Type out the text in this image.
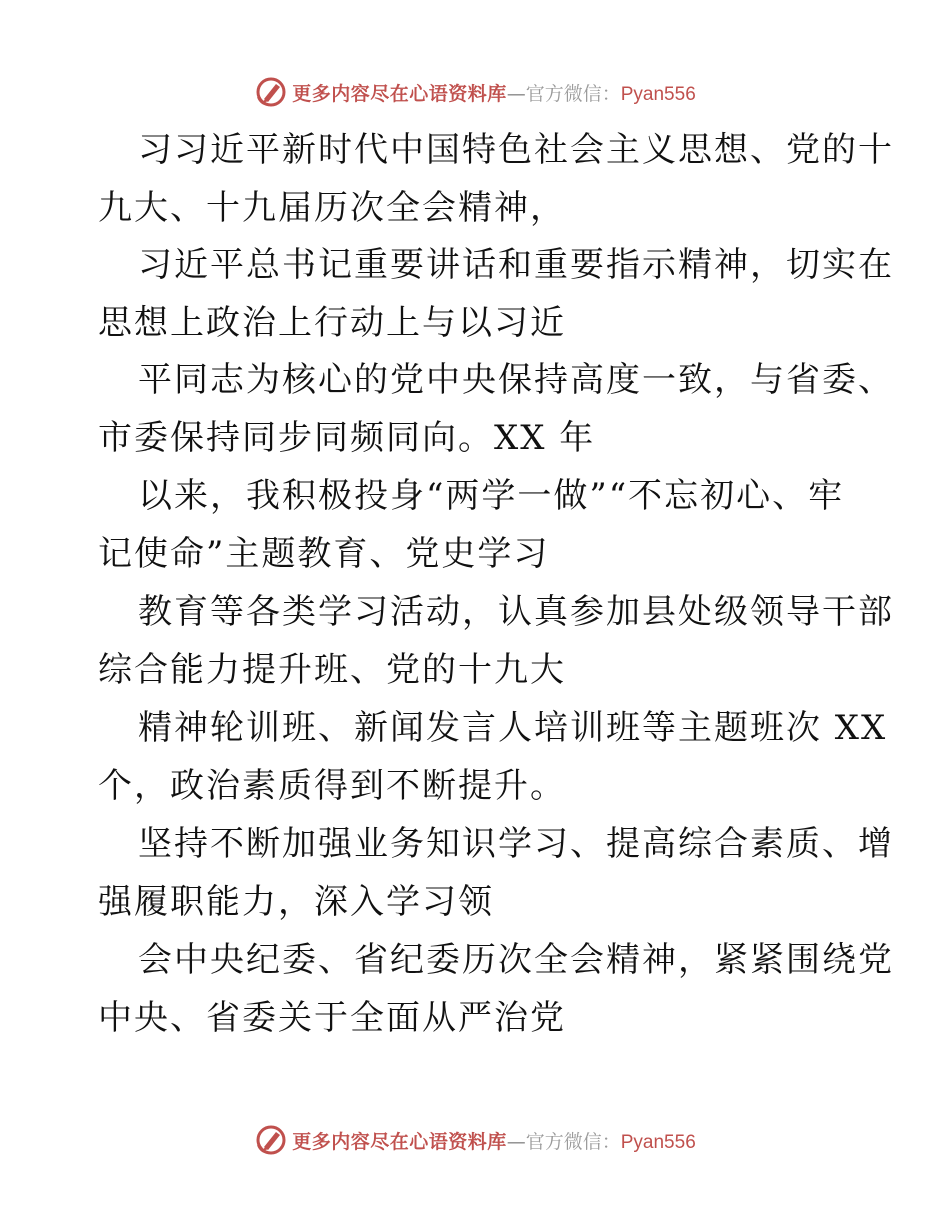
更多内容尽在心语资料库 — 官方微信： Pyan556
习习近平新时代中国特色社会主义思想、党的十
九大、十九届历次全会精神，
习近平总书记重要讲话和重要指示精神，切实在
思想上政治上行动上与以习近
平同志为核心的党中央保持高度一致，与省委、
市委保持同步同频同向。XX 年
以来，我积极投身“两学一做”“不忘初心、牢
记使命”主题教育、党史学习
教育等各类学习活动，认真参加县处级领导干部
综合能力提升班、党的十九大
精神轮训班、新闻发言人培训班等主题班次 XX
个，政治素质得到不断提升。
坚持不断加强业务知识学习、提高综合素质、增
强履职能力，深入学习领
会中央纪委、省纪委历次全会精神，紧紧围绕党
中央、省委关于全面从严治党
更多内容尽在心语资料库 — 官方微信： Pyan556
